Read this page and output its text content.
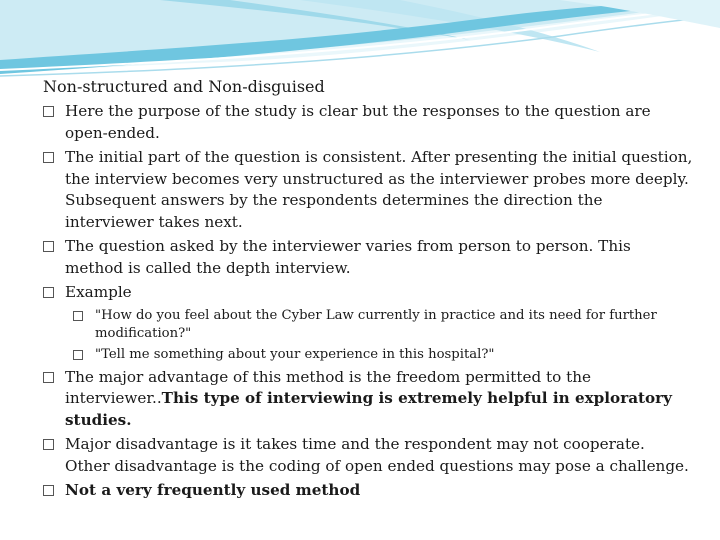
Non-structured and Non-disguised
Here the purpose of the study is clear but the responses to the question are open-ended.
The initial part of the question is consistent. After presenting the initial question, the interview becomes very unstructured as the interviewer probes more deeply. Subsequent answers by the respondents determines the direction the interviewer takes next.
The question asked by the interviewer varies from person to person. This method is called the depth interview.
Example
"How do you feel about the Cyber Law currently in practice and its need for further modification?"
"Tell me something about your experience in this hospital?"
The major advantage of this method is the freedom permitted to the interviewer..This type of interviewing is extremely helpful in exploratory studies.
Major disadvantage is it takes time and the respondent may not cooperate. Other disadvantage is the coding of open ended questions may pose a challenge.
Not a very frequently used method
